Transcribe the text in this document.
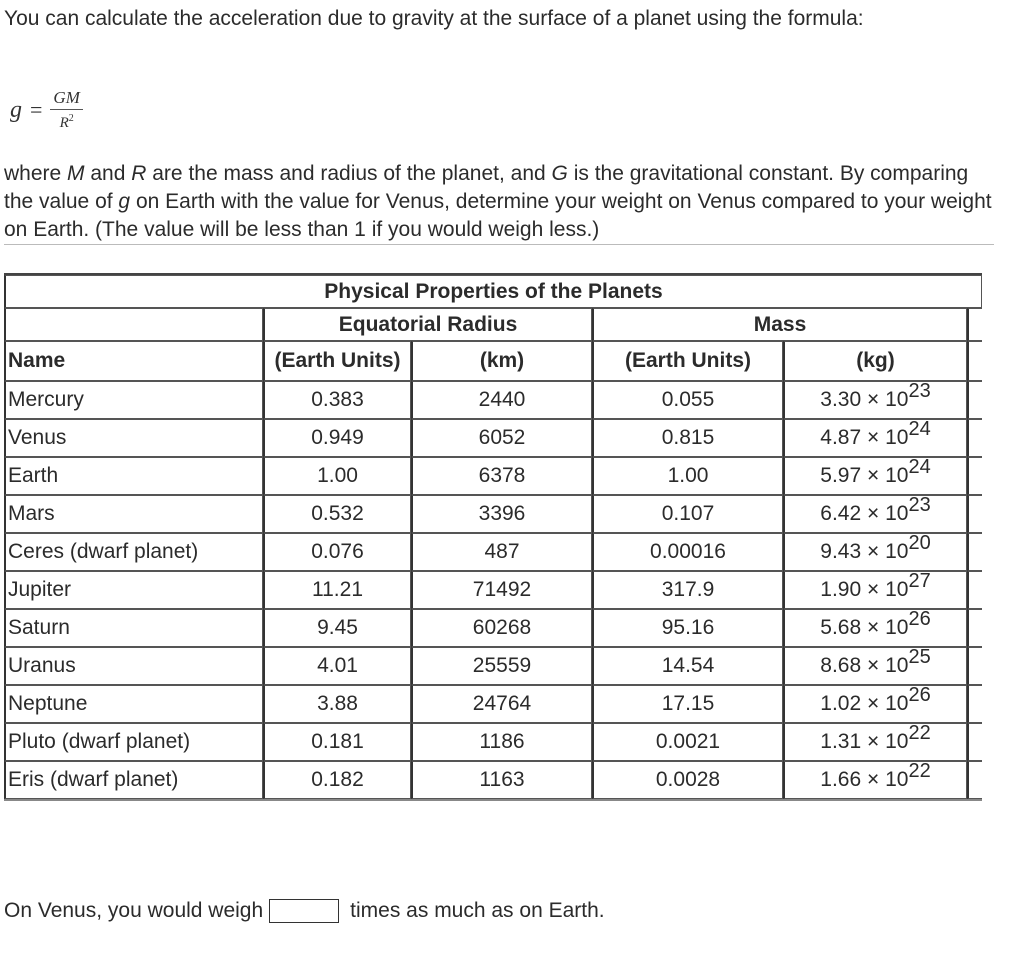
You can calculate the acceleration due to gravity at the surface of a planet using the formula:

$g = \frac{GM}{R^2}$

where M and R are the mass and radius of the planet, and G is the gravitational constant. By comparing the value of g on Earth with the value for Venus, determine your weight on Venus compared to your weight on Earth. (The value will be less than 1 if you would weigh less.)

Physical Properties of the Planets					
	Equatorial Radius		Mass		
Name	(Earth Units)	(km)	(Earth Units)	(kg)	
Mercury	0.383	2440	0.055	$3.30 \times 10^{23}$	
Venus	0.949	6052	0.815	$4.87 \times 10^{24}$	
Earth	1.00	6378	1.00	$5.97 \times 10^{24}$	
Mars	0.532	3396	0.107	$6.42 \times 10^{23}$	
Ceres (dwarf planet)	0.076	487	0.00016	$9.43 \times 10^{20}$	
Jupiter	11.21	71492	317.9	$1.90 \times 10^{27}$	
Saturn	9.45	60268	95.16	$5.68 \times 10^{26}$	
Uranus	4.01	25559	14.54	$8.68 \times 10^{25}$	
Neptune	3.88	24764	17.15	$1.02 \times 10^{26}$	
Pluto (dwarf planet)	0.181	1186	0.0021	$1.31 \times 10^{22}$	
Eris (dwarf planet)	0.182	1163	0.0028	$1.66 \times 10^{22}$	
On Venus, you would weigh	times as much as on Earth.
